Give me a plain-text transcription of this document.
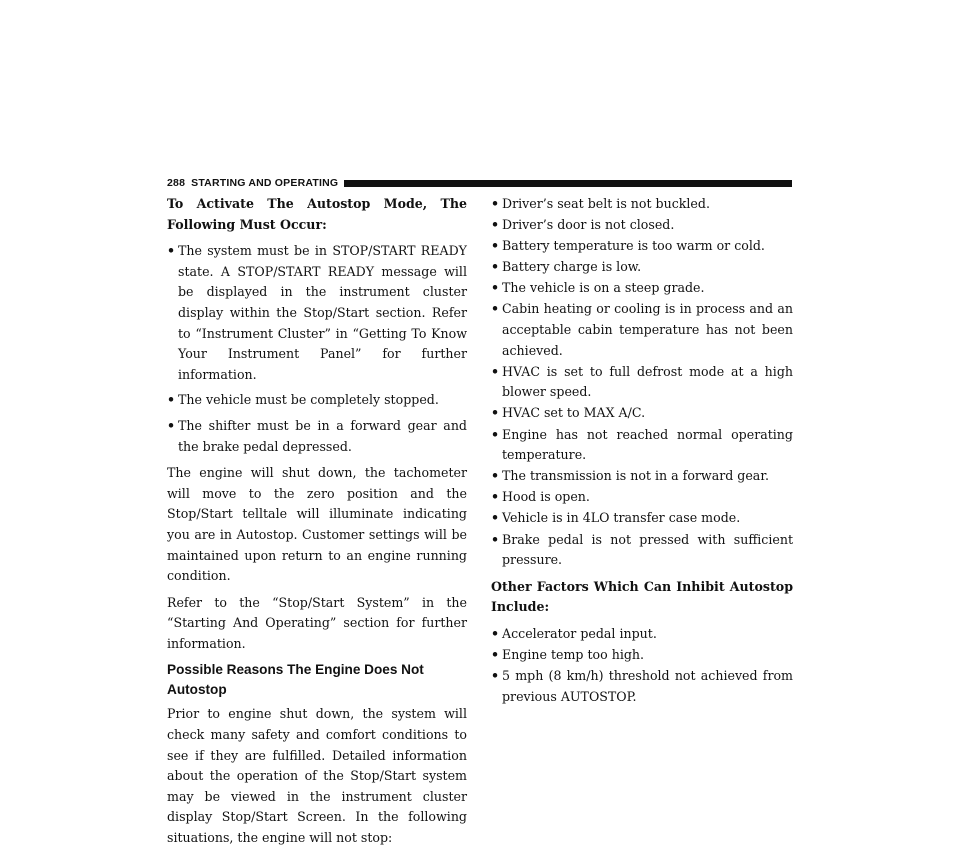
288 STARTING AND OPERATING

To Activate The Autostop Mode, The Following Must Occur:

• The system must be in STOP/START READY state. A STOP/START READY message will be displayed in the instrument cluster display within the Stop/Start section. Refer to “Instrument Cluster” in “Getting To Know Your Instrument Panel” for further information.
• The vehicle must be completely stopped.
• The shifter must be in a forward gear and the brake pedal depressed.

The engine will shut down, the tachometer will move to the zero position and the Stop/Start telltale will illuminate indicating you are in Autostop. Customer settings will be maintained upon return to an engine running condition.

Refer to the “Stop/Start System” in the “Starting And Operating” section for further information.

Possible Reasons The Engine Does Not Autostop

Prior to engine shut down, the system will check many safety and comfort conditions to see if they are fulfilled. Detailed information about the operation of the Stop/Start system may be viewed in the instrument cluster display Stop/Start Screen. In the following situations, the engine will not stop:

• Driver’s seat belt is not buckled.
• Driver’s door is not closed.
• Battery temperature is too warm or cold.
• Battery charge is low.
• The vehicle is on a steep grade.
• Cabin heating or cooling is in process and an acceptable cabin temperature has not been achieved.
• HVAC is set to full defrost mode at a high blower speed.
• HVAC set to MAX A/C.
• Engine has not reached normal operating temperature.
• The transmission is not in a forward gear.
• Hood is open.
• Vehicle is in 4LO transfer case mode.
• Brake pedal is not pressed with sufficient pressure.

Other Factors Which Can Inhibit Autostop Include:

• Accelerator pedal input.
• Engine temp too high.
• 5 mph (8 km/h) threshold not achieved from previous AUTOSTOP.
